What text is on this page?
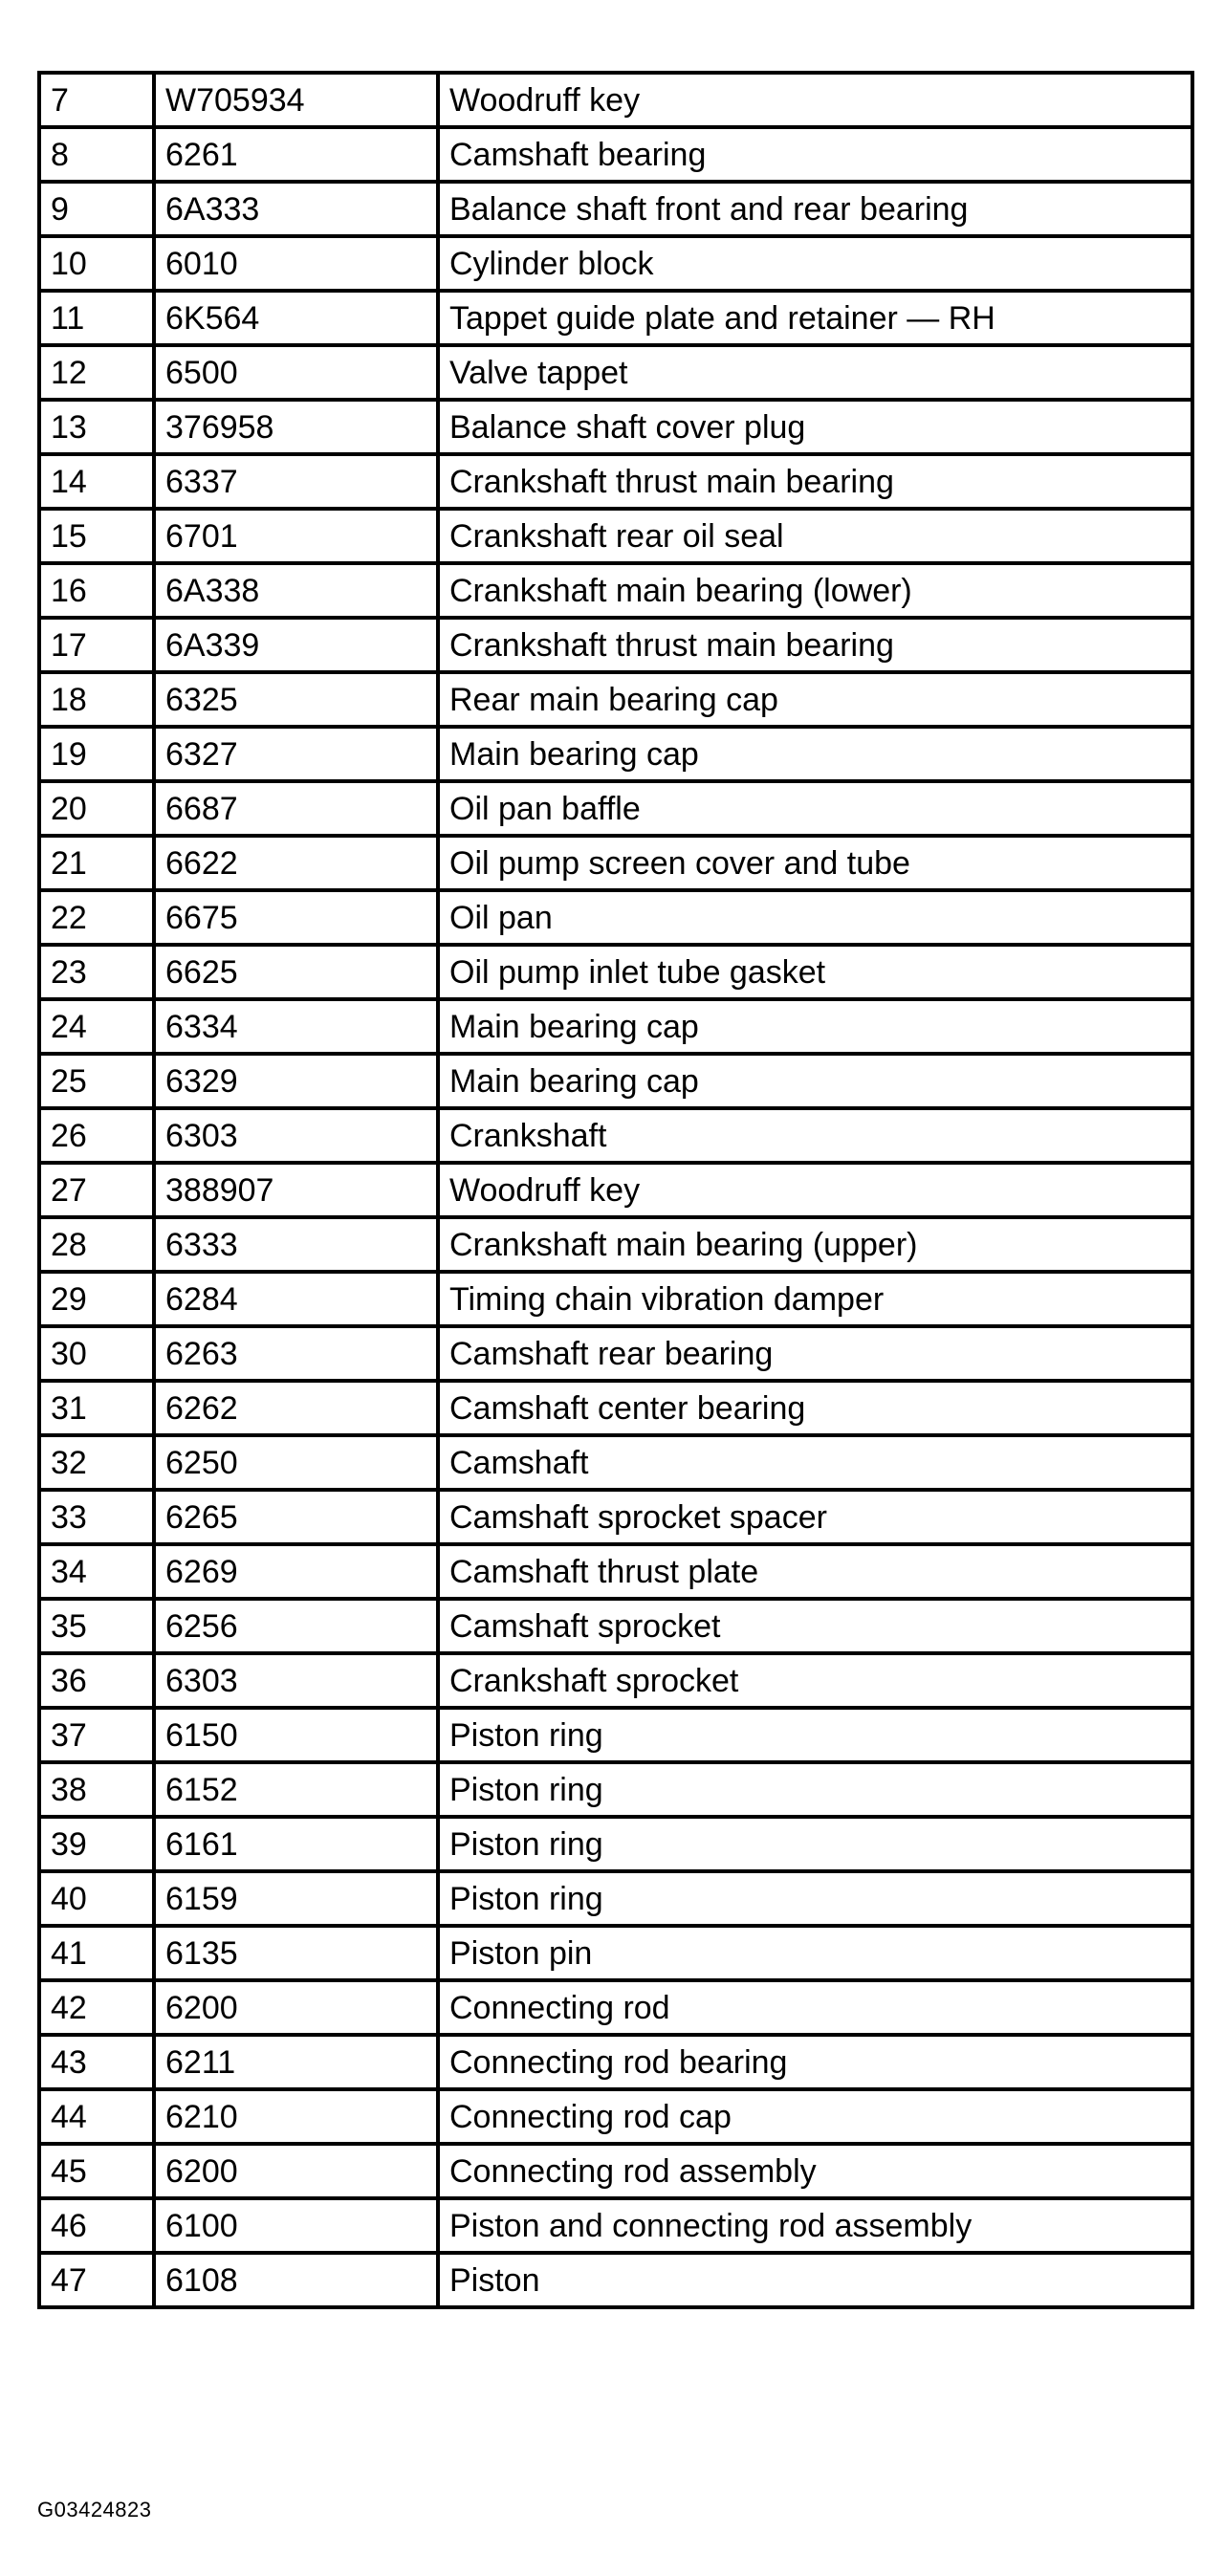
7	W705934	Woodruff key
8	6261	Camshaft bearing
9	6A333	Balance shaft front and rear bearing
10	6010	Cylinder block
11	6K564	Tappet guide plate and retainer — RH
12	6500	Valve tappet
13	376958	Balance shaft cover plug
14	6337	Crankshaft thrust main bearing
15	6701	Crankshaft rear oil seal
16	6A338	Crankshaft main bearing (lower)
17	6A339	Crankshaft thrust main bearing
18	6325	Rear main bearing cap
19	6327	Main bearing cap
20	6687	Oil pan baffle
21	6622	Oil pump screen cover and tube
22	6675	Oil pan
23	6625	Oil pump inlet tube gasket
24	6334	Main bearing cap
25	6329	Main bearing cap
26	6303	Crankshaft
27	388907	Woodruff key
28	6333	Crankshaft main bearing (upper)
29	6284	Timing chain vibration damper
30	6263	Camshaft rear bearing
31	6262	Camshaft center bearing
32	6250	Camshaft
33	6265	Camshaft sprocket spacer
34	6269	Camshaft thrust plate
35	6256	Camshaft sprocket
36	6303	Crankshaft sprocket
37	6150	Piston ring
38	6152	Piston ring
39	6161	Piston ring
40	6159	Piston ring
41	6135	Piston pin
42	6200	Connecting rod
43	6211	Connecting rod bearing
44	6210	Connecting rod cap
45	6200	Connecting rod assembly
46	6100	Piston and connecting rod assembly
47	6108	Piston
G03424823
